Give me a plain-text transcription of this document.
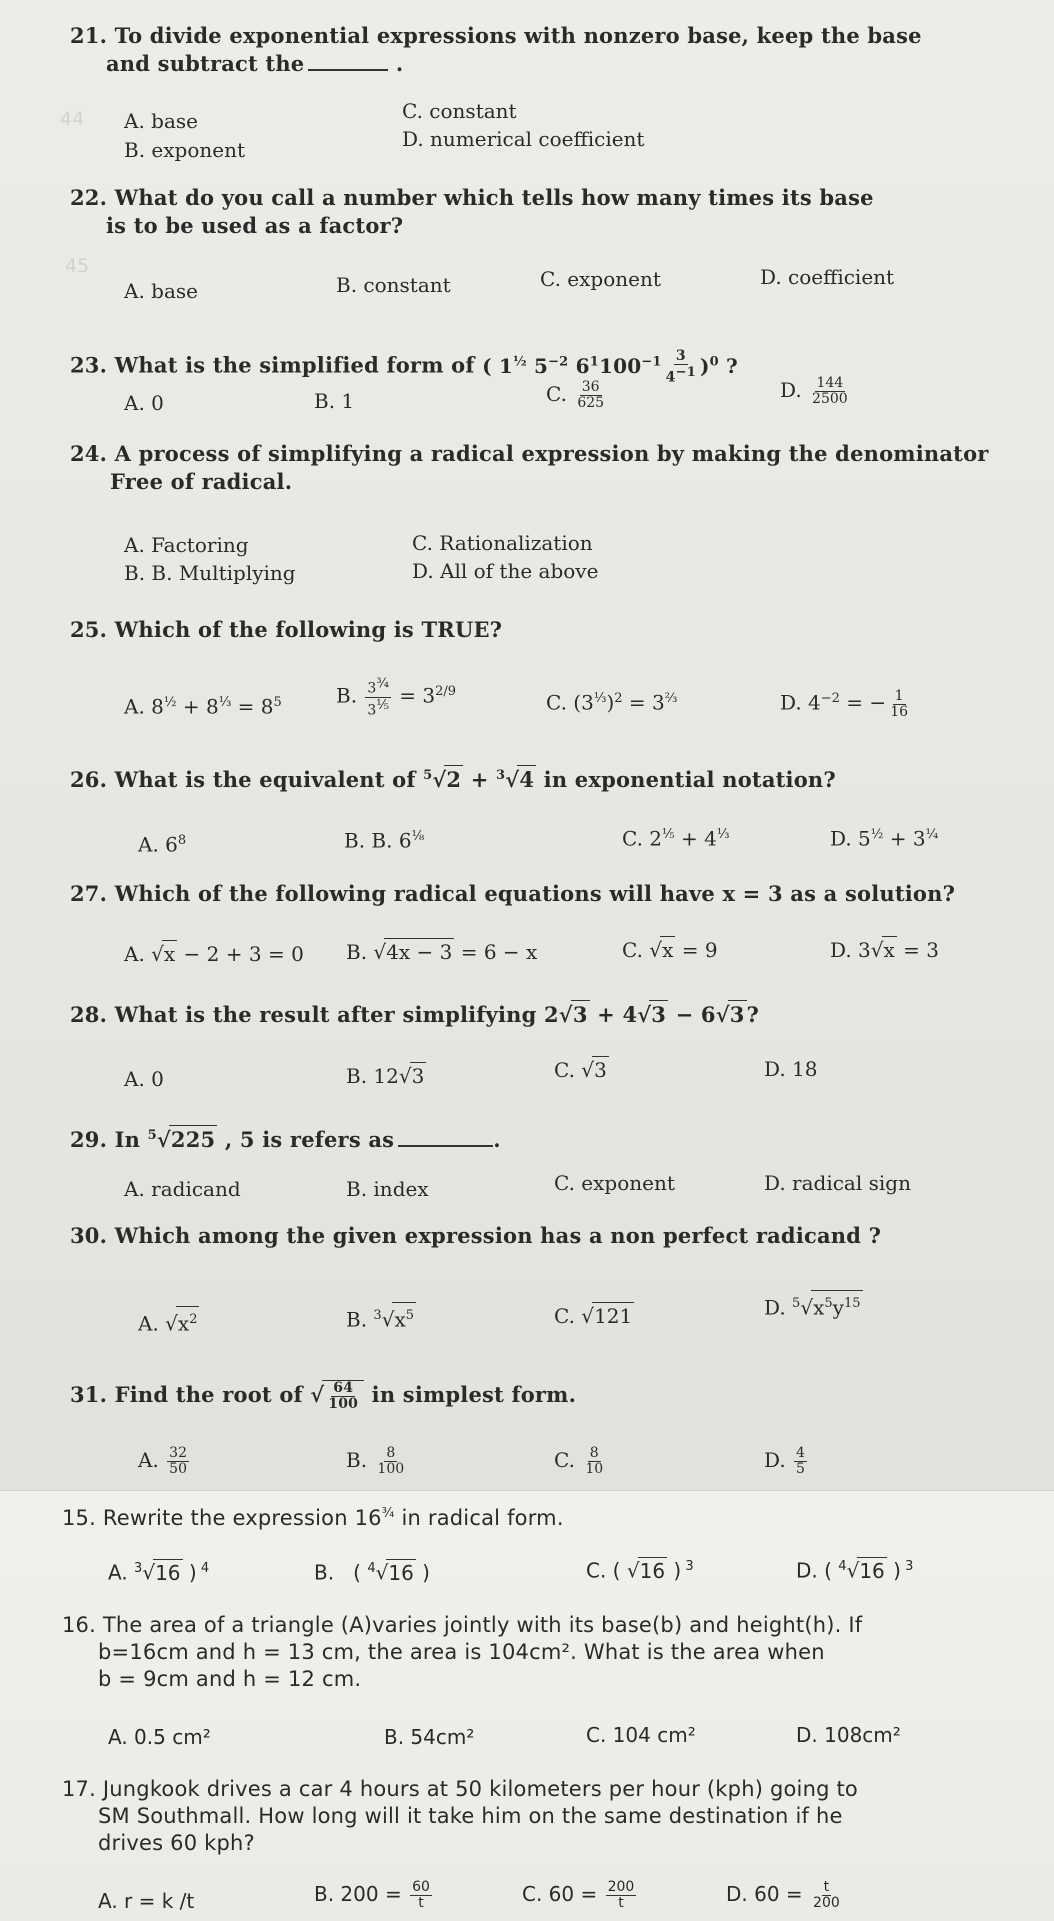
44
45
21. To divide exponential expressions with nonzero base, keep the base
and subtract the	.
A. base
B. exponent
C. constant
D. numerical coefficient
22. What do you call a number which tells how many times its base
is to be used as a factor?
A. base	B. constant	C. exponent	D. coefficient
23. What is the simplified form of ( $1^{\frac{1}{2}}$ $5^{-2}$ $6^1100^{-1} \frac{3}{4^{-1}} )^0$ ?
A. 0	B. 1	C. $\frac{36}{625}$	D. $\frac{144}{2500}$
24. A process of simplifying a radical expression by making the denominator
Free of radical.
A. Factoring
B. B. Multiplying
C. Rationalization
D. All of the above
25. Which of the following is TRUE?
A. $8^{\frac{1}{2}} + 8^{\frac{1}{3}} = 8^5$	B. $\frac{3^{\frac{3}{4}}}{3^{\frac{1}{5}}} = 3^{2/9}$	C. $(3^{\frac{1}{3}})^2 = 3^{\frac{2}{3}}$	D. $4^{-2}$ = − $\frac{1}{16}$
26. What is the equivalent of $^5$√2 + $^3$√4 in exponential notation?
A. $6^8$	B. B. $6^{\frac{1}{8}}$	C. $2^{\frac{1}{5}} + 4^{\frac{1}{3}}$	D. $5^{\frac{1}{2}} + 3^{\frac{1}{4}}$
27. Which of the following radical equations will have x = 3 as a solution?
A. √x − 2 + 3 = 0 B. √4x − 3 = 6 − x	C. √x = 9	D. 3√x = 3
28. What is the result after simplifying 2√3 + 4√3 − 6√3?
A. 0	B. 12√3	C. √3	D. 18
29. In $^5$√225 , 5 is refers as	.
A. radicand	B. index	C. exponent	D. radical sign
30. Which among the given expression has a non perfect radicand ?
A. $√x^2$	B. $^3√x^5$	C. √121	D. $^5√x^5y^{15}$
31. Find the root of √ $\frac{64}{100}$ in simplest form.
A. $\frac{32}{50}$	B. $\frac{8}{100}$	C. $\frac{8}{10}$	D. $\frac{4}{5}$
15. Rewrite the expression $16^{\frac{3}{4}}$ in radical form.
A. $^3$√16 ) $^4$	B.   ( $^4$√16 )	C. ( √16 ) $^3$	D. ( $^4$√16 ) $^3$
16. The area of a triangle (A)varies jointly with its base(b) and height(h). If
b=16cm and h = 13 cm, the area is 104cm². What is the area when
b = 9cm and h = 12 cm.
A. 0.5 cm²	B. 54cm²	C. 104 cm²	D. 108cm²
17. Jungkook drives a car 4 hours at 50 kilometers per hour (kph) going to
SM Southmall. How long will it take him on the same destination if he
drives 60 kph?
A. r = k /t	B. $200 = \frac{60}{t}$	C. $60 = \frac{200}{t}$	D. $60 = \frac{t}{200}$
